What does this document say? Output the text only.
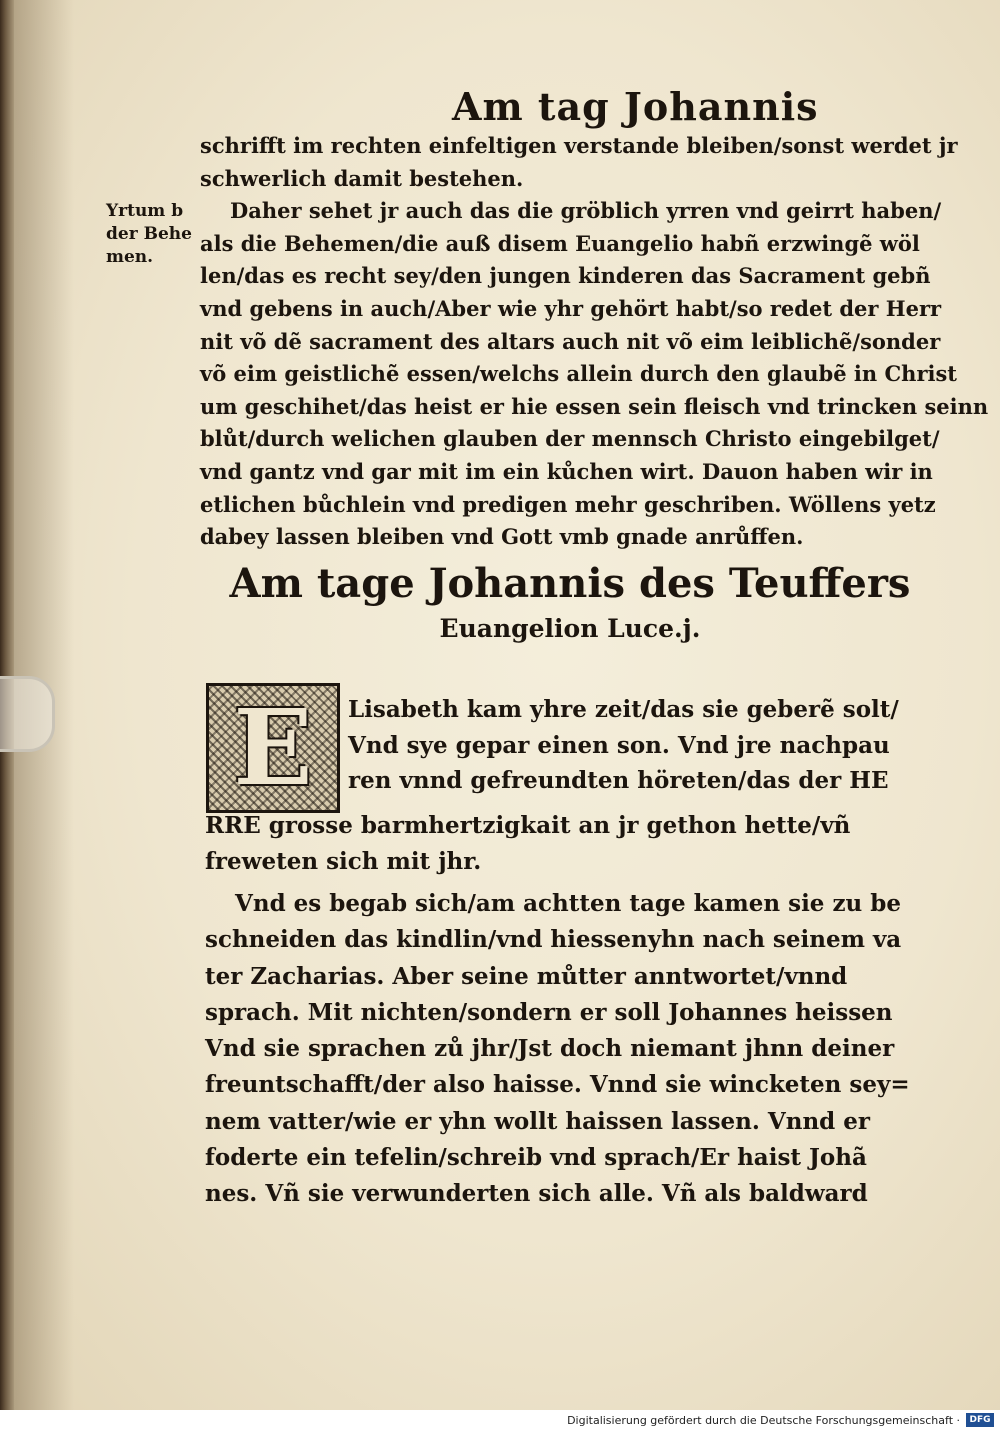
Am tag Johannis
Yrtum b
der Behe
men.
schrifft im rechten einfeltigen verstande bleiben/sonst werdet jr
schwerlich damit bestehen.
Daher sehet jr auch das die gröblich yrren vnd geirrt haben/
als die Behemen/die auß disem Euangelio habñ erzwingẽ wöl
len/das es recht sey/den jungen kinderen das Sacrament gebñ
vnd gebens in auch/Aber wie yhr gehört habt/so redet der Herr
nit võ dẽ sacrament des altars auch nit võ eim leiblichẽ/sonder
võ eim geistlichẽ essen/welchs allein durch den glaubẽ in Christ
um geschihet/das heist er hie essen sein fleisch vnd trincken seinn
blůt/durch welichen glauben der mennsch Christo eingebilget/
vnd gantz vnd gar mit im ein kůchen wirt. Dauon haben wir in
etlichen bůchlein vnd predigen mehr geschriben. Wöllens yetz
dabey lassen bleiben vnd Gott vmb gnade anrůffen.
Am tage Johannis des Teuffers
Euangelion Luce.j.
E Lisabeth kam yhre zeit/das sie geberẽ solt/
Vnd sye gepar einen son. Vnd jre nachpau
ren vnnd gefreundten höreten/das der HE
RRE grosse barmhertzigkait an jr gethon hette/vñ
freweten sich mit jhr.
Vnd es begab sich/am achtten tage kamen sie zu be
schneiden das kindlin/vnd hiessenyhn nach seinem va
ter Zacharias. Aber seine můtter anntwortet/vnnd
sprach. Mit nichten/sondern er soll Johannes heissen
Vnd sie sprachen zů jhr/Jst doch niemant jhnn deiner
freuntschafft/der also haisse. Vnnd sie wincketen sey=
nem vatter/wie er yhn wollt haissen lassen. Vnnd er
foderte ein tefelin/schreib vnd sprach/Er haist Johã
nes. Vñ sie verwunderten sich alle. Vñ als baldward
Digitalisierung gefördert durch die Deutsche Forschungsgemeinschaft ·	DFG
